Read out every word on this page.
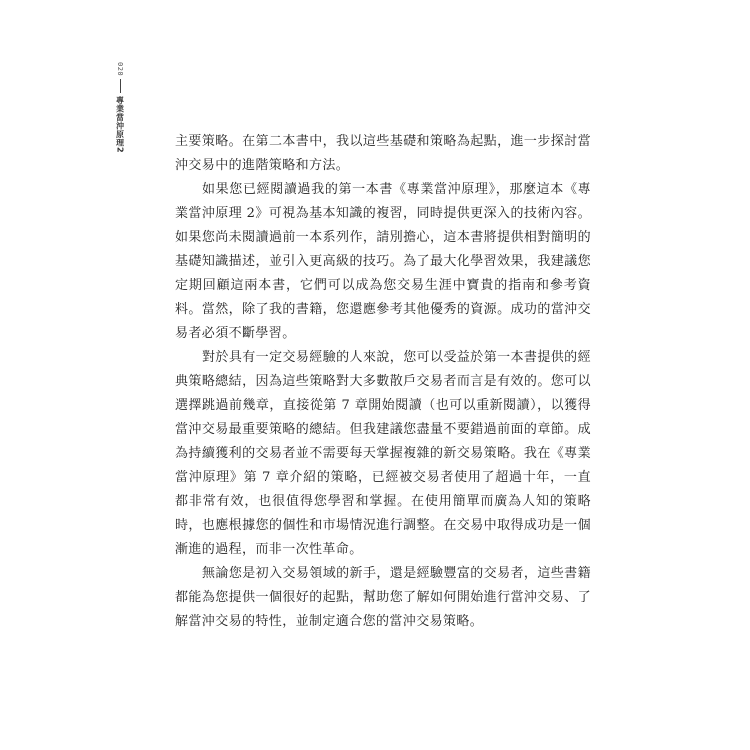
020
專業當沖原理2	主要策略。在第二本書中，我以這些基礎和策略為起點，進一步探討當沖交易中的進階策略和方法。

如果您已經閱讀過我的第一本書《專業當沖原理》，那麼這本《專業當沖原理 2》可視為基本知識的複習，同時提供更深入的技術內容。如果您尚未閱讀過前一本系列作，請別擔心，這本書將提供相對簡明的基礎知識描述，並引入更高級的技巧。為了最大化學習效果，我建議您定期回顧這兩本書，它們可以成為您交易生涯中寶貴的指南和參考資料。當然，除了我的書籍，您還應參考其他優秀的資源。成功的當沖交易者必須不斷學習。

對於具有一定交易經驗的人來說，您可以受益於第一本書提供的經典策略總結，因為這些策略對大多數散戶交易者而言是有效的。您可以選擇跳過前幾章，直接從第 7 章開始閱讀（也可以重新閱讀），以獲得當沖交易最重要策略的總結。但我建議您盡量不要錯過前面的章節。成為持續獲利的交易者並不需要每天掌握複雜的新交易策略。我在《專業當沖原理》第 7 章介紹的策略，已經被交易者使用了超過十年，一直都非常有效，也很值得您學習和掌握。在使用簡單而廣為人知的策略時，也應根據您的個性和市場情況進行調整。在交易中取得成功是一個漸進的過程，而非一次性革命。

無論您是初入交易領域的新手，還是經驗豐富的交易者，這些書籍都能為您提供一個很好的起點，幫助您了解如何開始進行當沖交易、了解當沖交易的特性，並制定適合您的當沖交易策略。
